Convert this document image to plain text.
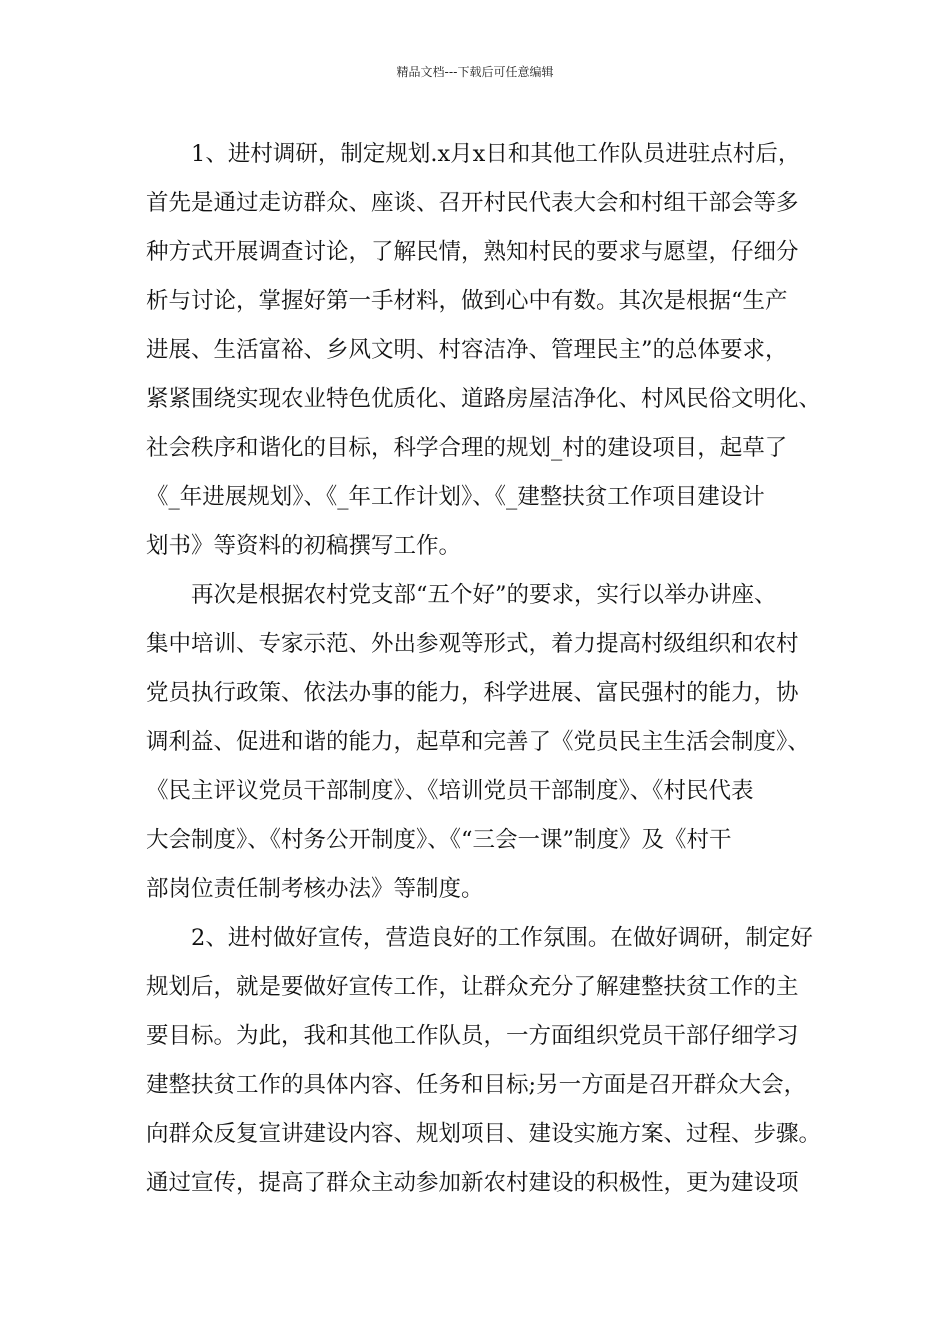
精品文档---下载后可任意编辑
1、进村调研，制定规划.x月x日和其他工作队员进驻点村后，
首先是通过走访群众、座谈、召开村民代表大会和村组干部会等多
种方式开展调查讨论，了解民情，熟知村民的要求与愿望，仔细分
析与讨论，掌握好第一手材料，做到心中有数。其次是根据“生产
进展、生活富裕、乡风文明、村容洁净、管理民主”的总体要求，
紧紧围绕实现农业特色优质化、道路房屋洁净化、村风民俗文明化、
社会秩序和谐化的目标，科学合理的规划_村的建设项目，起草了
《_年进展规划》、《_年工作计划》、《_建整扶贫工作项目建设计
划书》等资料的初稿撰写工作。
再次是根据农村党支部“五个好”的要求，实行以举办讲座、
集中培训、专家示范、外出参观等形式，着力提高村级组织和农村
党员执行政策、依法办事的能力，科学进展、富民强村的能力，协
调利益、促进和谐的能力，起草和完善了《党员民主生活会制度》、
《民主评议党员干部制度》、《培训党员干部制度》、《村民代表
大会制度》、《村务公开制度》、《“三会一课”制度》及《村干
部岗位责任制考核办法》等制度。
2、进村做好宣传，营造良好的工作氛围。在做好调研，制定好
规划后，就是要做好宣传工作，让群众充分了解建整扶贫工作的主
要目标。为此，我和其他工作队员，一方面组织党员干部仔细学习
建整扶贫工作的具体内容、任务和目标;另一方面是召开群众大会，
向群众反复宣讲建设内容、规划项目、建设实施方案、过程、步骤。
通过宣传，提高了群众主动参加新农村建设的积极性，更为建设项
